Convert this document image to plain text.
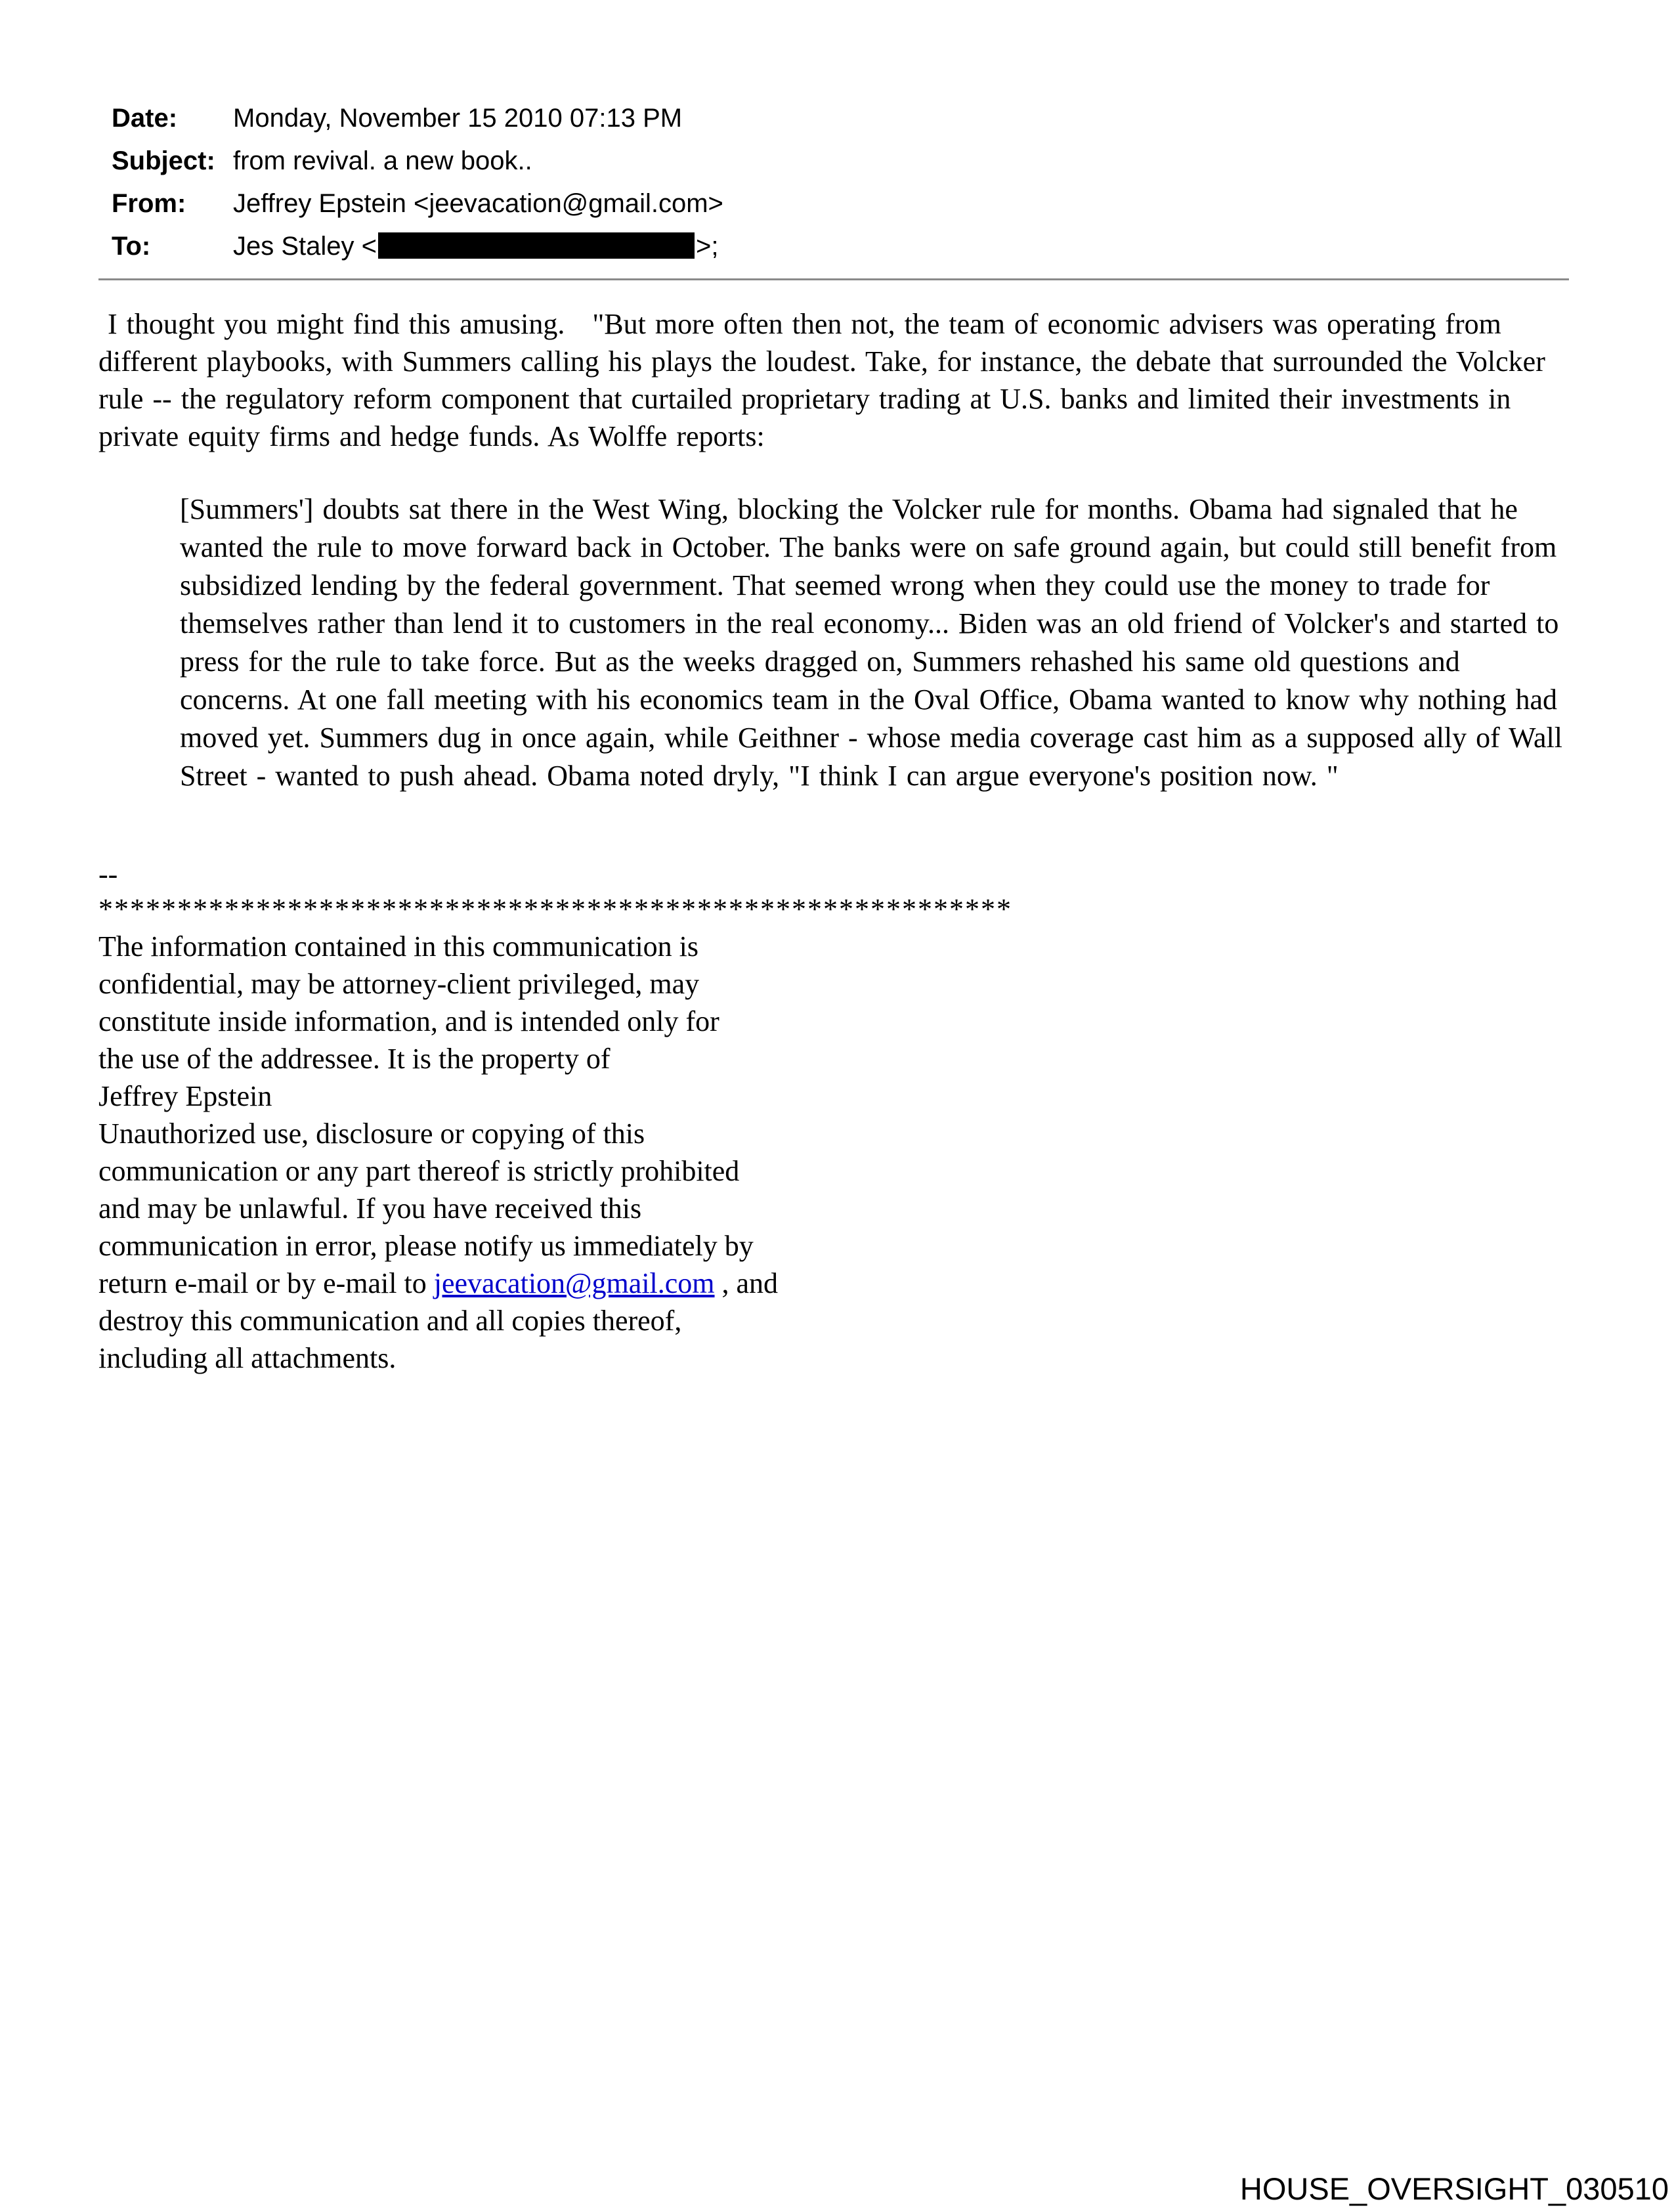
Date:	Monday, November 15 2010 07:13 PM
Subject: from revival. a new book..
From:	Jeffrey Epstein <jeevacation@gmail.com>
To:	Jes Staley <	>;

I thought you might find this amusing.   "But more often then not, the team of economic advisers was operating from different playbooks, with Summers calling his plays the loudest. Take, for instance, the debate that surrounded the Volcker rule -- the regulatory reform component that curtailed proprietary trading at U.S. banks and limited their investments in private equity firms and hedge funds. As Wolffe reports:

[Summers'] doubts sat there in the West Wing, blocking the Volcker rule for months. Obama had signaled that he wanted the rule to move forward back in October. The banks were on safe ground again, but could still benefit from subsidized lending by the federal government. That seemed wrong when they could use the money to trade for themselves rather than lend it to customers in the real economy... Biden was an old friend of Volcker's and started to press for the rule to take force. But as the weeks dragged on, Summers rehashed his same old questions and concerns. At one fall meeting with his economics team in the Oval Office, Obama wanted to know why nothing had moved yet. Summers dug in once again, while Geithner - whose media coverage cast him as a supposed ally of Wall Street - wanted to push ahead. Obama noted dryly, "I think I can argue everyone's position now. "

--
**********************************************************
The information contained in this communication is
confidential, may be attorney-client privileged, may
constitute inside information, and is intended only for
the use of the addressee. It is the property of
Jeffrey Epstein
Unauthorized use, disclosure or copying of this
communication or any part thereof is strictly prohibited
and may be unlawful. If you have received this
communication in error, please notify us immediately by
return e-mail or by e-mail to jeevacation@gmail.com , and
destroy this communication and all copies thereof,
including all attachments.
HOUSE_OVERSIGHT_030510
